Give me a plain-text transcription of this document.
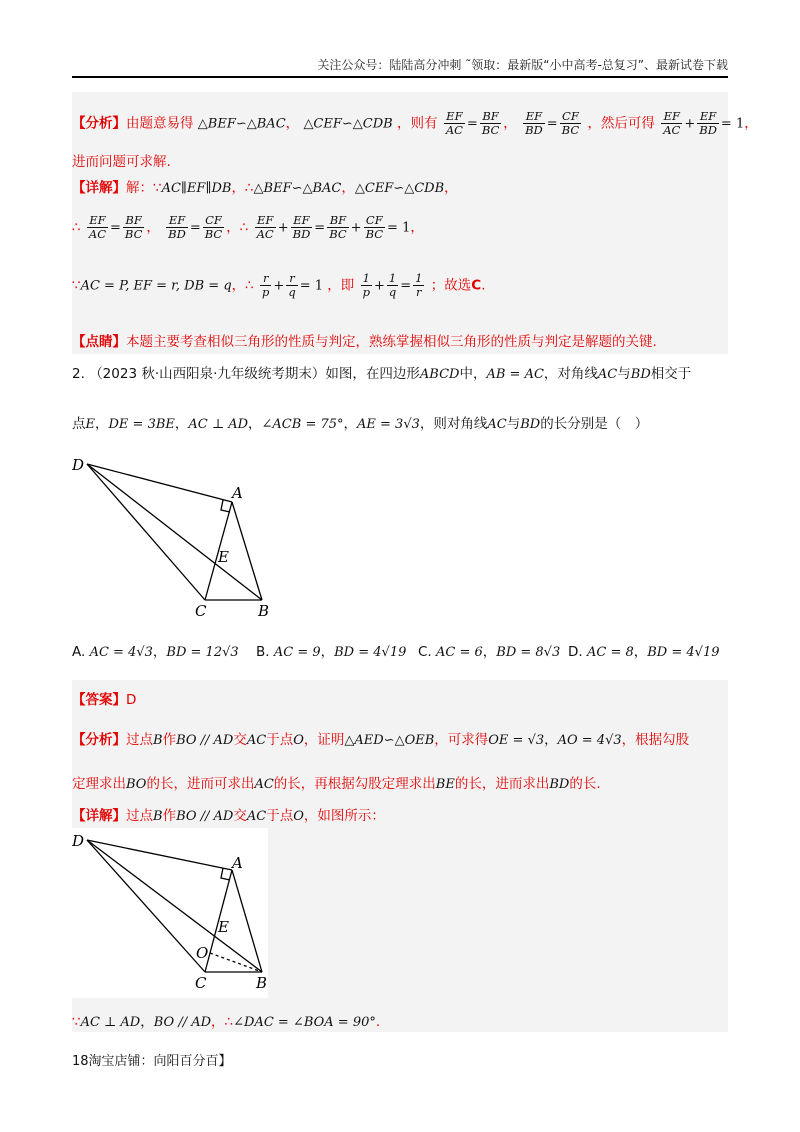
关注公众号：陆陆高分冲刺 ˜领取：最新版“小中高考-总复习”、最新试卷下载
【分析】由题意易得 △BEF∽△BAC， △CEF∽△CDB ，则有 $\frac{EF}{AC} = \frac{BF}{BC}$ ， $\frac{EF}{BD} = \frac{CF}{BC}$ ，然后可得 $\frac{EF}{AC} + \frac{EF}{BD} = 1$，
进而问题可求解.
【详解】解：∵AC∥EF∥DB，∴△BEF∽△BAC，△CEF∽△CDB，
∴ $\frac{EF}{AC} = \frac{BF}{BC}$ ， $\frac{EF}{BD} = \frac{CF}{BC}$ ，∴ $\frac{EF}{AC} + \frac{EF}{BD} = \frac{BF}{BC} + \frac{CF}{BC} = 1$，
∵AC = P, EF = r, DB = q，∴ $\frac{r}{p} + \frac{r}{q} = 1$ ，即 $\frac{1}{p} + \frac{1}{q} = \frac{1}{r}$ ；故选C.
【点睛】本题主要考查相似三角形的性质与判定，熟练掌握相似三角形的性质与判定是解题的关键.
2. （2023 秋·山西阳泉·九年级统考期末）如图，在四边形ABCD中，AB = AC，对角线AC与BD相交于
点E，DE = 3BE，AC ⊥ AD，∠ACB = 75°，AE = 3√3，则对角线AC与BD的长分别是（　）
D
A
E
C	B
A. AC = 4√3，BD = 12√3 B. AC = 9，BD = 4√19 C. AC = 6，BD = 8√3 D. AC = 8，BD = 4√19
【答案】D
【分析】过点B作BO // AD交AC于点O，证明△AED∽△OEB，可求得OE = √3，AO = 4√3，根据勾股
定理求出BO的长，进而可求出AC的长，再根据勾股定理求出BE的长，进而求出BD的长.
【详解】过点B作BO // AD交AC于点O，如图所示：
D
A
E
O
C	B
∵AC ⊥ AD，BO // AD，∴∠DAC = ∠BOA = 90°.
18淘宝店铺：向阳百分百】
